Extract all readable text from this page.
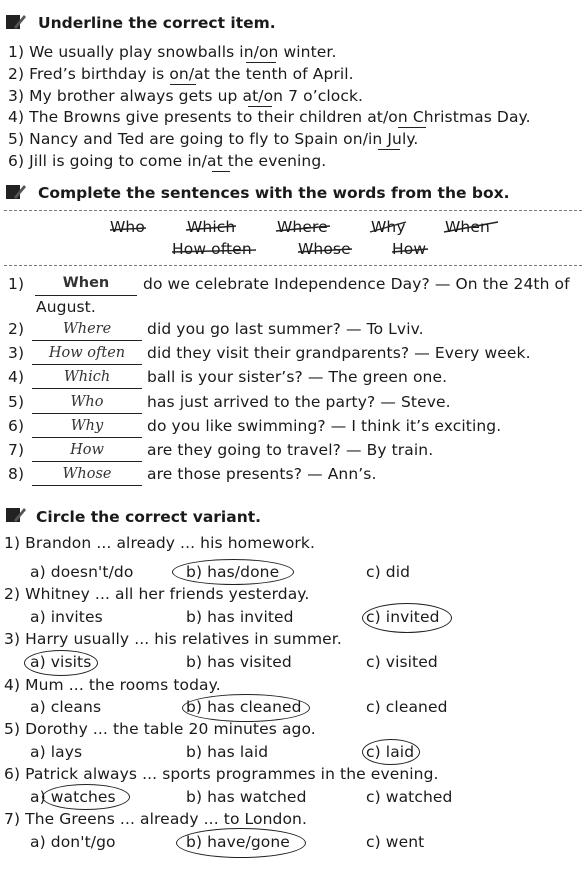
Underline the correct item.
1) We usually play snowballs in/on winter.
2) Fred’s birthday is on/at the tenth of April.
3) My brother always gets up at/on 7 o’clock.
4) The Browns give presents to their children at/on Christmas Day.
5) Nancy and Ted are going to fly to Spain on/in July.
6) Jill is going to come in/at the evening.
Complete the sentences with the words from the box.
Who	Which	Where	Why	When
How often	Whose	How
1)	When	do we celebrate Independence Day? — On the 24th of
August.
2)	Where	did you go last summer? — To Lviv.
3)	How often	did they visit their grandparents? — Every week.
4)	Which	ball is your sister’s? — The green one.
5)	Who	has just arrived to the party? — Steve.
6)	Why	do you like swimming? — I think it’s exciting.
7)	How	are they going to travel? — By train.
8)	Whose	are those presents? — Ann’s.
Circle the correct variant.
1) Brandon ... already ... his homework.
a) doesn't/do	b) has/done	c) did
2) Whitney ... all her friends yesterday.
a) invites	b) has invited	c) invited
3) Harry usually ... his relatives in summer.
a) visits	b) has visited	c) visited
4) Mum ... the rooms today.
a) cleans	b) has cleaned	c) cleaned
5) Dorothy ... the table 20 minutes ago.
a) lays	b) has laid	c) laid
6) Patrick always ... sports programmes in the evening.
a) watches	b) has watched	c) watched
7) The Greens ... already ... to London.
a) don't/go	b) have/gone	c) went
